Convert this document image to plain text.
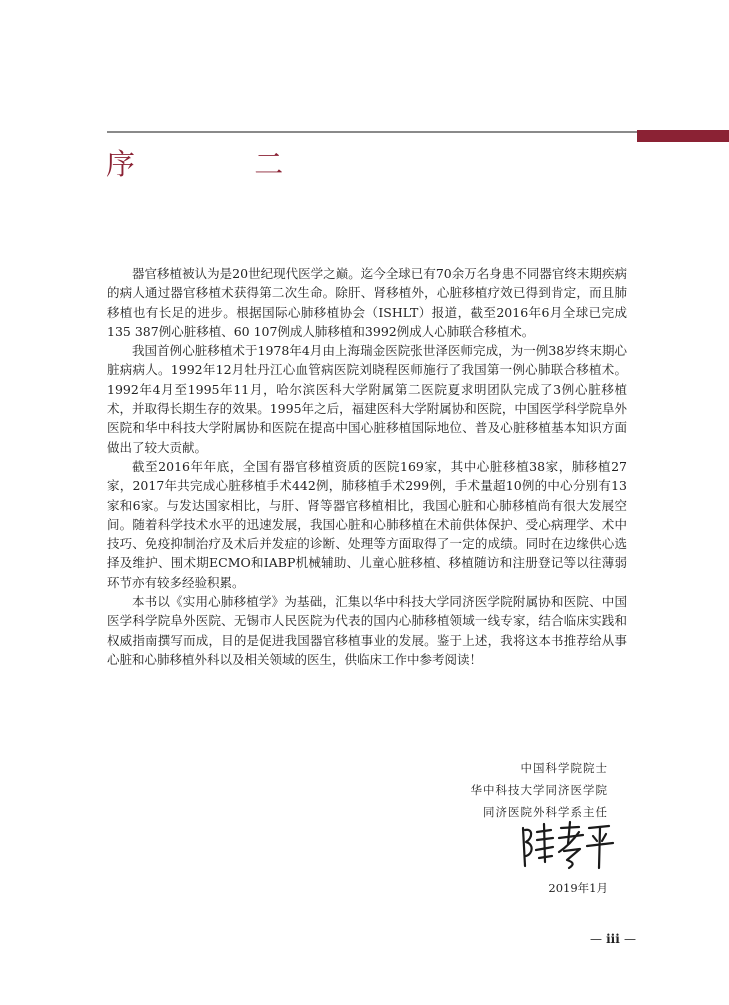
序 二

器官移植被认为是20世纪现代医学之巅。迄今全球已有70余万名身患不同器官终末期疾病的病人通过器官移植术获得第二次生命。除肝、肾移植外，心脏移植疗效已得到肯定，而且肺移植也有长足的进步。根据国际心肺移植协会（ISHLT）报道，截至2016年6月全球已完成135 387例心脏移植、60 107例成人肺移植和3992例成人心肺联合移植术。

我国首例心脏移植术于1978年4月由上海瑞金医院张世泽医师完成，为一例38岁终末期心脏病病人。1992年12月牡丹江心血管病医院刘晓程医师施行了我国第一例心肺联合移植术。1992年4月至1995年11月，哈尔滨医科大学附属第二医院夏求明团队完成了3例心脏移植术，并取得长期生存的效果。1995年之后，福建医科大学附属协和医院，中国医学科学院阜外医院和华中科技大学附属协和医院在提高中国心脏移植国际地位、普及心脏移植基本知识方面做出了较大贡献。

截至2016年年底，全国有器官移植资质的医院169家，其中心脏移植38家，肺移植27家，2017年共完成心脏移植手术442例，肺移植手术299例，手术量超10例的中心分别有13家和6家。与发达国家相比，与肝、肾等器官移植相比，我国心脏和心肺移植尚有很大发展空间。随着科学技术水平的迅速发展，我国心脏和心肺移植在术前供体保护、受心病理学、术中技巧、免疫抑制治疗及术后并发症的诊断、处理等方面取得了一定的成绩。同时在边缘供心选择及维护、围术期ECMO和IABP机械辅助、儿童心脏移植、移植随访和注册登记等以往薄弱环节亦有较多经验积累。

本书以《实用心肺移植学》为基础，汇集以华中科技大学同济医学院附属协和医院、中国医学科学院阜外医院、无锡市人民医院为代表的国内心肺移植领域一线专家，结合临床实践和权威指南撰写而成，目的是促进我国器官移植事业的发展。鉴于上述，我将这本书推荐给从事心脏和心肺移植外科以及相关领域的医生，供临床工作中参考阅读！

中国科学院院士
华中科技大学同济医学院
同济医院外科学系主任
2019年1月
— iii —
